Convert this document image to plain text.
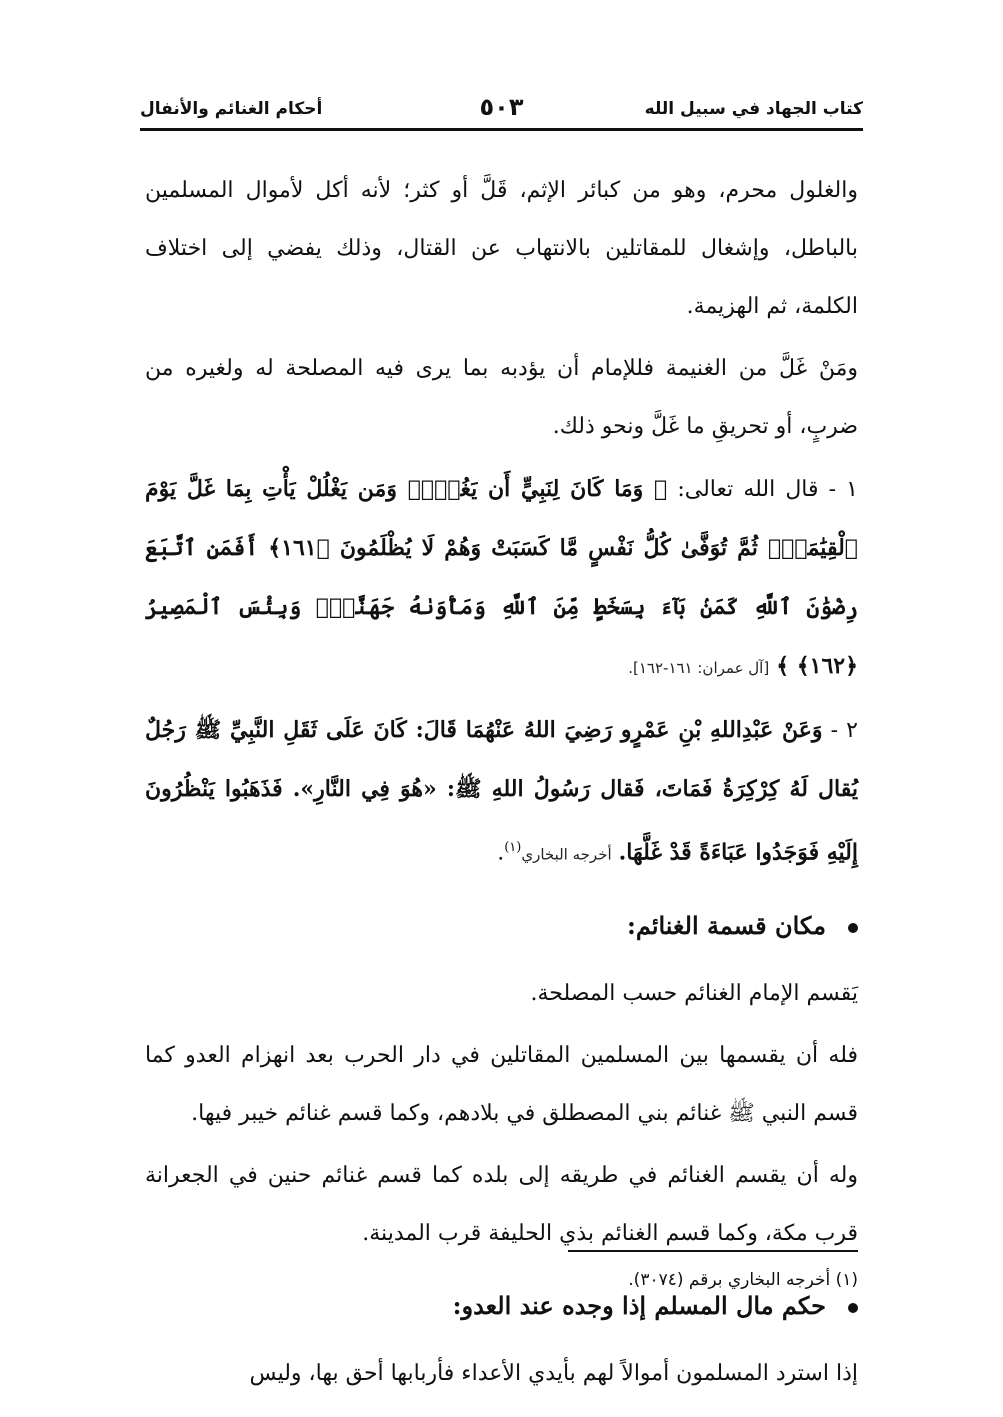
كتاب الجهاد في سبيل الله
٥٠٣
أحكام الغنائم والأنفال

والغلول محرم، وهو من كبائر الإثم، قَلَّ أو كثر؛ لأنه أكل لأموال المسلمين بالباطل، وإشغال للمقاتلين بالانتهاب عن القتال، وذلك يفضي إلى اختلاف الكلمة، ثم الهزيمة.

ومَنْ غَلَّ من الغنيمة فللإمام أن يؤدبه بما يرى فيه المصلحة له ولغيره من ضربٍ، أو تحريقِ ما غَلَّ ونحو ذلك.

١ - قال الله تعالى: ﴿ وَمَا كَانَ لِنَبِيٍّ أَن يَغُلَّۚ وَمَن يَغْلُلْ يَأْتِ بِمَا غَلَّ يَوْمَ ٱلْقِيَٰمَةِۚ ثُمَّ تُوَفَّىٰ كُلُّ نَفْسٍ مَّا كَسَبَتْ وَهُمْ لَا يُظْلَمُونَ ﴿١٦١﴾ أَفَمَنِ ٱتَّبَعَ رِضْوَٰنَ ٱللَّهِ كَمَنۢ بَآءَ بِسَخَطٍ مِّنَ ٱللَّهِ وَمَأْوَىٰهُ جَهَنَّمُۚ وَبِئْسَ ٱلْمَصِيرُ ﴿١٦٢﴾ ﴾ [آل عمران: ١٦١-١٦٢].

٢ - وَعَنْ عَبْدِاللهِ بْنِ عَمْرٍو رَضِيَ اللهُ عَنْهُمَا قَالَ: كَانَ عَلَى ثَقَلِ النَّبِيِّ ﷺ رَجُلٌ يُقال لَهُ كِرْكِرَةُ فَمَاتَ، فَقال رَسُولُ اللهِ ﷺ: «هُوَ فِي النَّارِ». فَذَهَبُوا يَنْظُرُونَ إِلَيْهِ فَوَجَدُوا عَبَاءَةً قَدْ غَلَّهَا. أخرجه البخاري$^{(١)}$.

مكان قسمة الغنائم:

يَقسم الإمام الغنائم حسب المصلحة.

فله أن يقسمها بين المسلمين المقاتلين في دار الحرب بعد انهزام العدو كما قسم النبي ﷺ غنائم بني المصطلق في بلادهم، وكما قسم غنائم خيبر فيها.

وله أن يقسم الغنائم في طريقه إلى بلده كما قسم غنائم حنين في الجعرانة قرب مكة، وكما قسم الغنائم بذي الحليفة قرب المدينة.

حكم مال المسلم إذا وجده عند العدو:

إذا استرد المسلمون أموالاً لهم بأيدي الأعداء فأربابها أحق بها، وليس

(١) أخرجه البخاري برقم (٣٠٧٤).
